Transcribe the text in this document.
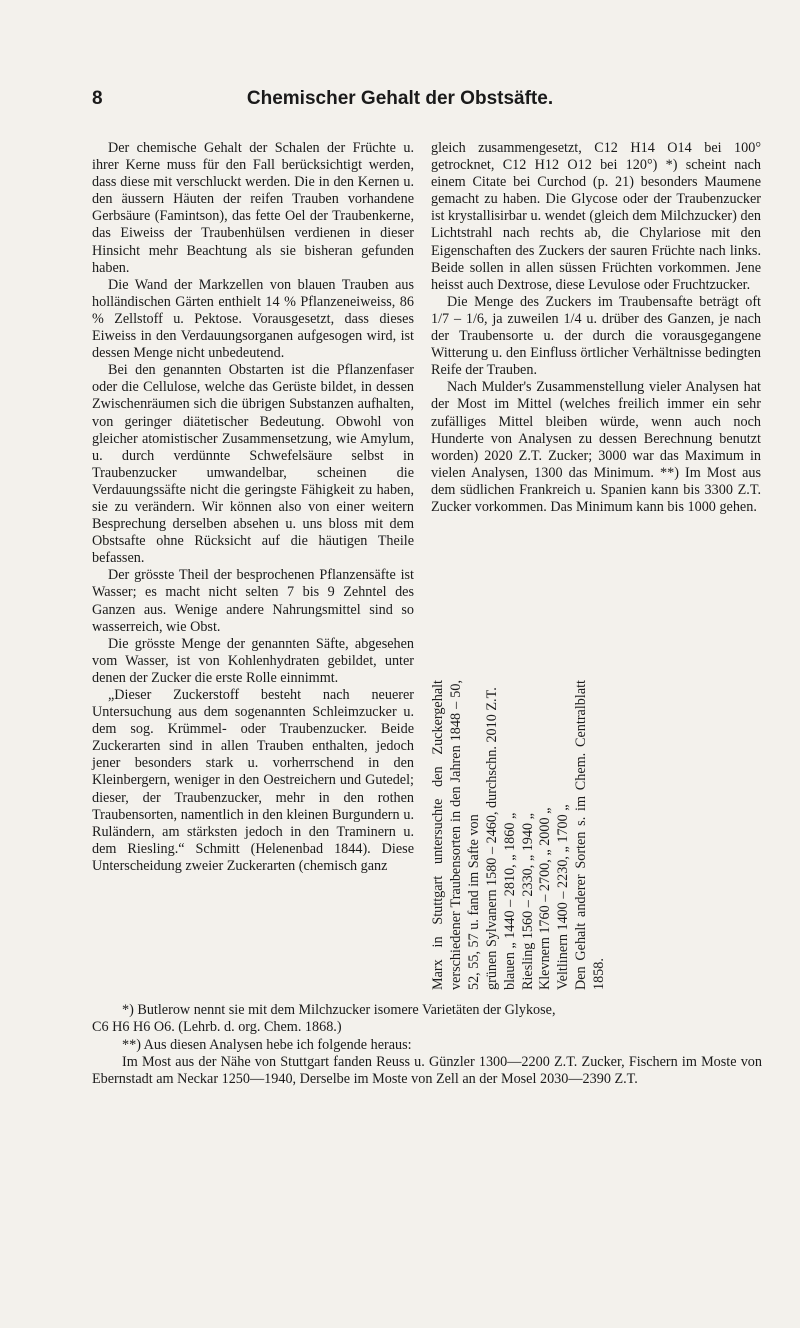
8	Chemischer Gehalt der Obstsäfte.

Der chemische Gehalt der Schalen der Früchte u. ihrer Kerne muss für den Fall berücksichtigt werden, dass diese mit verschluckt werden. Die in den Kernen u. den äussern Häuten der reifen Trauben vorhandene Gerbsäure (Famintson), das fette Oel der Traubenkerne, das Eiweiss der Traubenhülsen verdienen in dieser Hinsicht mehr Beachtung als sie bisheran gefunden haben.

Die Wand der Markzellen von blauen Trauben aus holländischen Gärten enthielt 14 % Pflanzeneiweiss, 86 % Zellstoff u. Pektose. Vorausgesetzt, dass dieses Eiweiss in den Verdauungsorganen aufgesogen wird, ist dessen Menge nicht unbedeutend.

Bei den genannten Obstarten ist die Pflanzenfaser oder die Cellulose, welche das Gerüste bildet, in dessen Zwischenräumen sich die übrigen Substanzen aufhalten, von geringer diätetischer Bedeutung. Obwohl von gleicher atomistischer Zusammensetzung, wie Amylum, u. durch verdünnte Schwefelsäure selbst in Traubenzucker umwandelbar, scheinen die Verdauungssäfte nicht die geringste Fähigkeit zu haben, sie zu verändern. Wir können also von einer weitern Besprechung derselben absehen u. uns bloss mit dem Obstsafte ohne Rücksicht auf die häutigen Theile befassen.

Der grösste Theil der besprochenen Pflanzensäfte ist Wasser; es macht nicht selten 7 bis 9 Zehntel des Ganzen aus. Wenige andere Nahrungsmittel sind so wasserreich, wie Obst.

Die grösste Menge der genannten Säfte, abgesehen vom Wasser, ist von Kohlenhydraten gebildet, unter denen der Zucker die erste Rolle einnimmt.

„Dieser Zuckerstoff besteht nach neuerer Untersuchung aus dem sogenannten Schleimzucker u. dem sog. Krümmel- oder Traubenzucker. Beide Zuckerarten sind in allen Trauben enthalten, jedoch jener besonders stark u. vorherrschend in den Kleinbergern, weniger in den Oestreichern und Gutedel; dieser, der Traubenzucker, mehr in den rothen Traubensorten, namentlich in den kleinen Burgundern u. Ruländern, am stärksten jedoch in den Traminern u. dem Riesling.“ Schmitt (Helenenbad 1844). Diese Unterscheidung zweier Zuckerarten (chemisch ganz

gleich zusammengesetzt, C12 H14 O14 bei 100° getrocknet, C12 H12 O12 bei 120°) *) scheint nach einem Citate bei Curchod (p. 21) besonders Maumene gemacht zu haben. Die Glycose oder der Traubenzucker ist krystallisirbar u. wendet (gleich dem Milchzucker) den Lichtstrahl nach rechts ab, die Chylariose mit den Eigenschaften des Zuckers der sauren Früchte nach links. Beide sollen in allen süssen Früchten vorkommen. Jene heisst auch Dextrose, diese Levulose oder Fruchtzucker.

Die Menge des Zuckers im Traubensafte beträgt oft 1/7 – 1/6, ja zuweilen 1/4 u. drüber des Ganzen, je nach der Traubensorte u. der durch die vorausgegangene Witterung u. den Einfluss örtlicher Verhältnisse bedingten Reife der Trauben.

Nach Mulder's Zusammenstellung vieler Analysen hat der Most im Mittel (welches freilich immer ein sehr zufälliges Mittel bleiben würde, wenn auch noch Hunderte von Analysen zu dessen Berechnung benutzt worden) 2020 Z.T. Zucker; 3000 war das Maximum in vielen Analysen, 1300 das Minimum. **) Im Most aus dem südlichen Frankreich u. Spanien kann bis 3300 Z.T. Zucker vorkommen. Das Minimum kann bis 1000 gehen.

Marx in Stuttgart untersuchte den Zuckergehalt verschiedener Traubensorten in den Jahren 1848 – 50, 52, 55, 57 u. fand im Safte von grünen Sylvanern 1580 – 2460, durchschn. 2010 Z.T. blauen „ 1440 – 2810, „ 1860 „ Riesling 1560 – 2330, „ 1940 „ Klevnern 1760 – 2700, „ 2000 „ Veltlinern 1400 – 2230, „ 1700 „ Den Gehalt anderer Sorten s. im Chem. Centralblatt 1858.

*) Butlerow nennt sie mit dem Milchzucker isomere Varietäten der Glykose,

C6 H6 H6 O6. (Lehrb. d. org. Chem. 1868.)

**) Aus diesen Analysen hebe ich folgende heraus:

Im Most aus der Nähe von Stuttgart fanden Reuss u. Günzler 1300—2200 Z.T. Zucker, Fischern im Moste von Ebernstadt am Neckar 1250—1940, Derselbe im Moste von Zell an der Mosel 2030—2390 Z.T.
